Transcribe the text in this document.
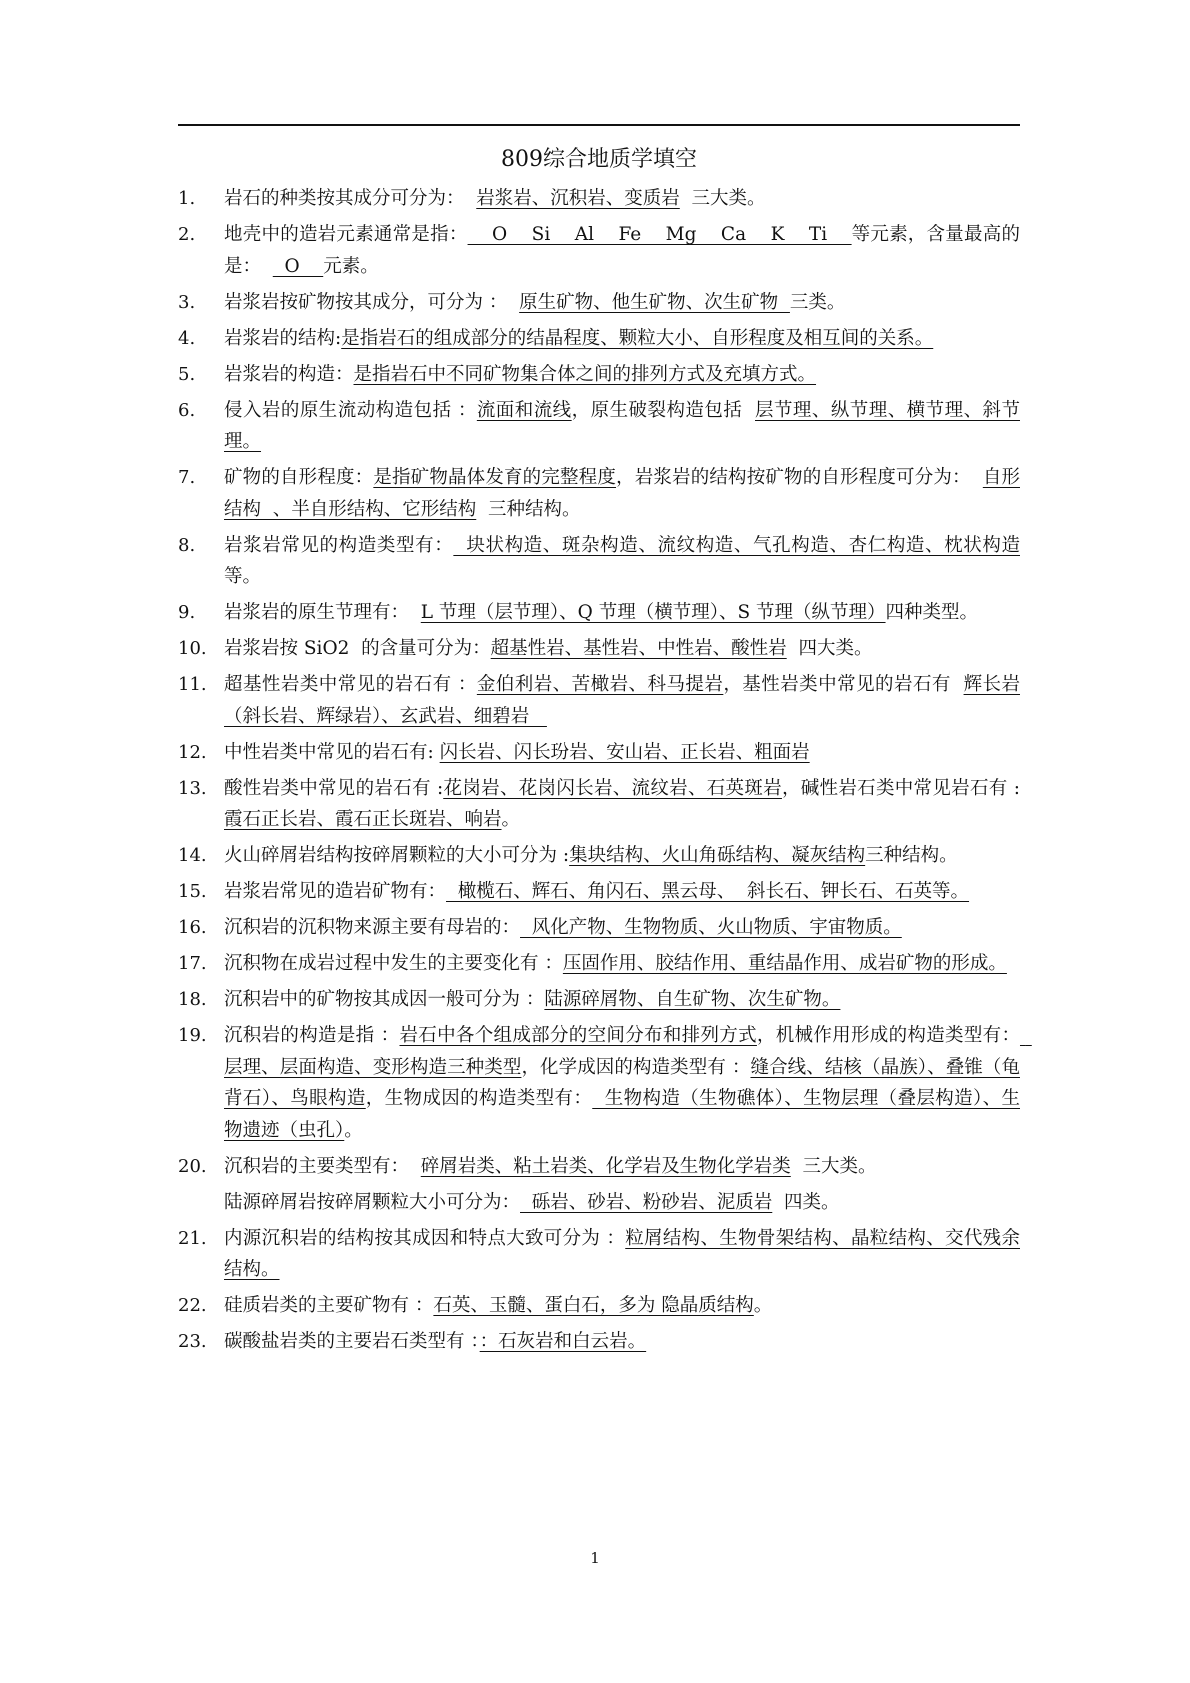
809综合地质学填空
1.	岩石的种类按其成分可分为：  岩浆岩、沉积岩、变质岩  三大类。
2.	地壳中的造岩元素通常是指：    O    Si    Al    Fe    Mg    Ca    K    Ti    等元素，含量最高的是：    O    元素。
3.	岩浆岩按矿物按其成分，可分为 ：  原生矿物、他生矿物、次生矿物  三类。
4.	岩浆岩的结构:是指岩石的组成部分的结晶程度、颗粒大小、自形程度及相互间的关系。
5.	岩浆岩的构造：是指岩石中不同矿物集合体之间的排列方式及充填方式。
6.	侵入岩的原生流动构造包括 ：流面和流线，原生破裂构造包括  层节理、纵节理、横节理、斜节理。
7.	矿物的自形程度：是指矿物晶体发育的完整程度，岩浆岩的结构按矿物的自形程度可分为：  自形结构  、半自形结构、它形结构  三种结构。
8.	岩浆岩常见的构造类型有：  块状构造、斑杂构造、流纹构造、气孔构造、杏仁构造、枕状构造  等。
9.	岩浆岩的原生节理有：  L 节理（层节理）、Q 节理（横节理）、S 节理（纵节理）四种类型。
10. 岩浆岩按 SiO2  的含量可分为：超基性岩、基性岩、中性岩、酸性岩  四大类。
11. 超基性岩类中常见的岩石有 ：金伯利岩、苦橄岩、科马提岩，基性岩类中常见的岩石有  辉长岩（斜长岩、辉绿岩）、玄武岩、细碧岩
12. 中性岩类中常见的岩石有: 闪长岩、闪长玢岩、安山岩、正长岩、粗面岩
13. 酸性岩类中常见的岩石有 :花岗岩、花岗闪长岩、流纹岩、石英斑岩，碱性岩石类中常见岩石有 :霞石正长岩、霞石正长斑岩、响岩。
14. 火山碎屑岩结构按碎屑颗粒的大小可分为 :集块结构、火山角砾结构、凝灰结构三种结构。
15. 岩浆岩常见的造岩矿物有：  橄榄石、辉石、角闪石、黑云母、  斜长石、钾长石、石英等。
16. 沉积岩的沉积物来源主要有母岩的：  风化产物、生物物质、火山物质、宇宙物质。
17. 沉积物在成岩过程中发生的主要变化有 ：压固作用、胶结作用、重结晶作用、成岩矿物的形成。
18. 沉积岩中的矿物按其成因一般可分为 ：陆源碎屑物、自生矿物、次生矿物。
19. 沉积岩的构造是指 ：岩石中各个组成部分的空间分布和排列方式，机械作用形成的构造类型有：  层理、层面构造、变形构造三种类型，化学成因的构造类型有 ：缝合线、结核（晶族）、叠锥（龟背石）、鸟眼构造，生物成因的构造类型有：  生物构造（生物礁体）、生物层理（叠层构造）、生物遗迹（虫孔）。
20. 沉积岩的主要类型有：  碎屑岩类、粘土岩类、化学岩及生物化学岩类  三大类。
陆源碎屑岩按碎屑颗粒大小可分为：  砾岩、砂岩、粉砂岩、泥质岩  四类。
21. 内源沉积岩的结构按其成因和特点大致可分为 ：粒屑结构、生物骨架结构、晶粒结构、交代残余结构。
22. 硅质岩类的主要矿物有 ：石英、玉髓、蛋白石，多为 隐晶质结构。
23. 碳酸盐岩类的主要岩石类型有 ：：石灰岩和白云岩。
1
